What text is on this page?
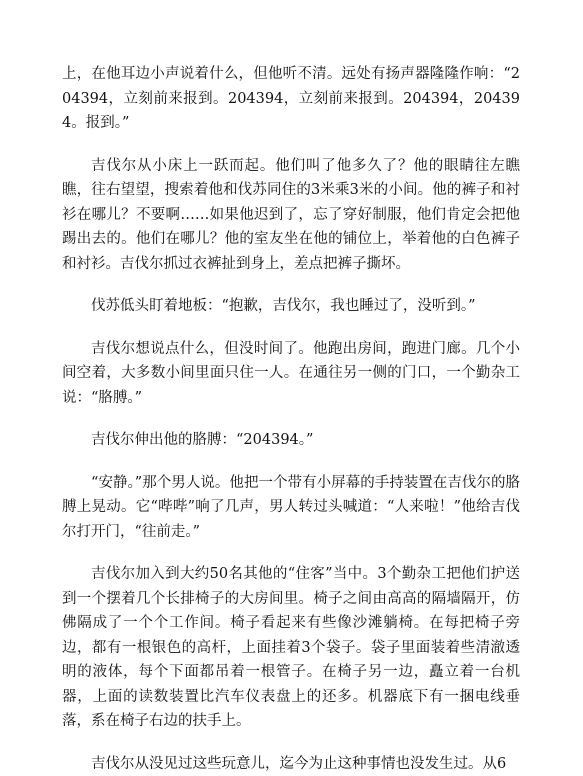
上，在他耳边小声说着什么，但他听不清。远处有扬声器隆隆作响：“204394，立刻前来报到。204394，立刻前来报到。204394，204394。报到。”

吉伐尔从小床上一跃而起。他们叫了他多久了？他的眼睛往左瞧瞧，往右望望，搜索着他和伐苏同住的3米乘3米的小间。他的裤子和衬衫在哪儿？不要啊……如果他迟到了，忘了穿好制服，他们肯定会把他踢出去的。他们在哪儿？他的室友坐在他的铺位上，举着他的白色裤子和衬衫。吉伐尔抓过衣裤扯到身上，差点把裤子撕坏。

伐苏低头盯着地板：“抱歉，吉伐尔，我也睡过了，没听到。”

吉伐尔想说点什么，但没时间了。他跑出房间，跑进门廊。几个小间空着，大多数小间里面只住一人。在通往另一侧的门口，一个勤杂工说：“胳膊。”

吉伐尔伸出他的胳膊：“204394。”

“安静。”那个男人说。他把一个带有小屏幕的手持装置在吉伐尔的胳膊上晃动。它“哔哔”响了几声，男人转过头喊道：“人来啦！”他给吉伐尔打开门，“往前走。”

吉伐尔加入到大约50名其他的“住客”当中。3个勤杂工把他们护送到一个摆着几个长排椅子的大房间里。椅子之间由高高的隔墙隔开，仿佛隔成了一个个工作间。椅子看起来有些像沙滩躺椅。在每把椅子旁边，都有一根银色的高杆，上面挂着3个袋子。袋子里面装着些清澈透明的液体，每个下面都吊着一根管子。在椅子另一边，矗立着一台机器，上面的读数装置比汽车仪表盘上的还多。机器底下有一捆电线垂落，系在椅子右边的扶手上。

吉伐尔从没见过这些玩意儿，迄今为止这种事情也没发生过。从6
